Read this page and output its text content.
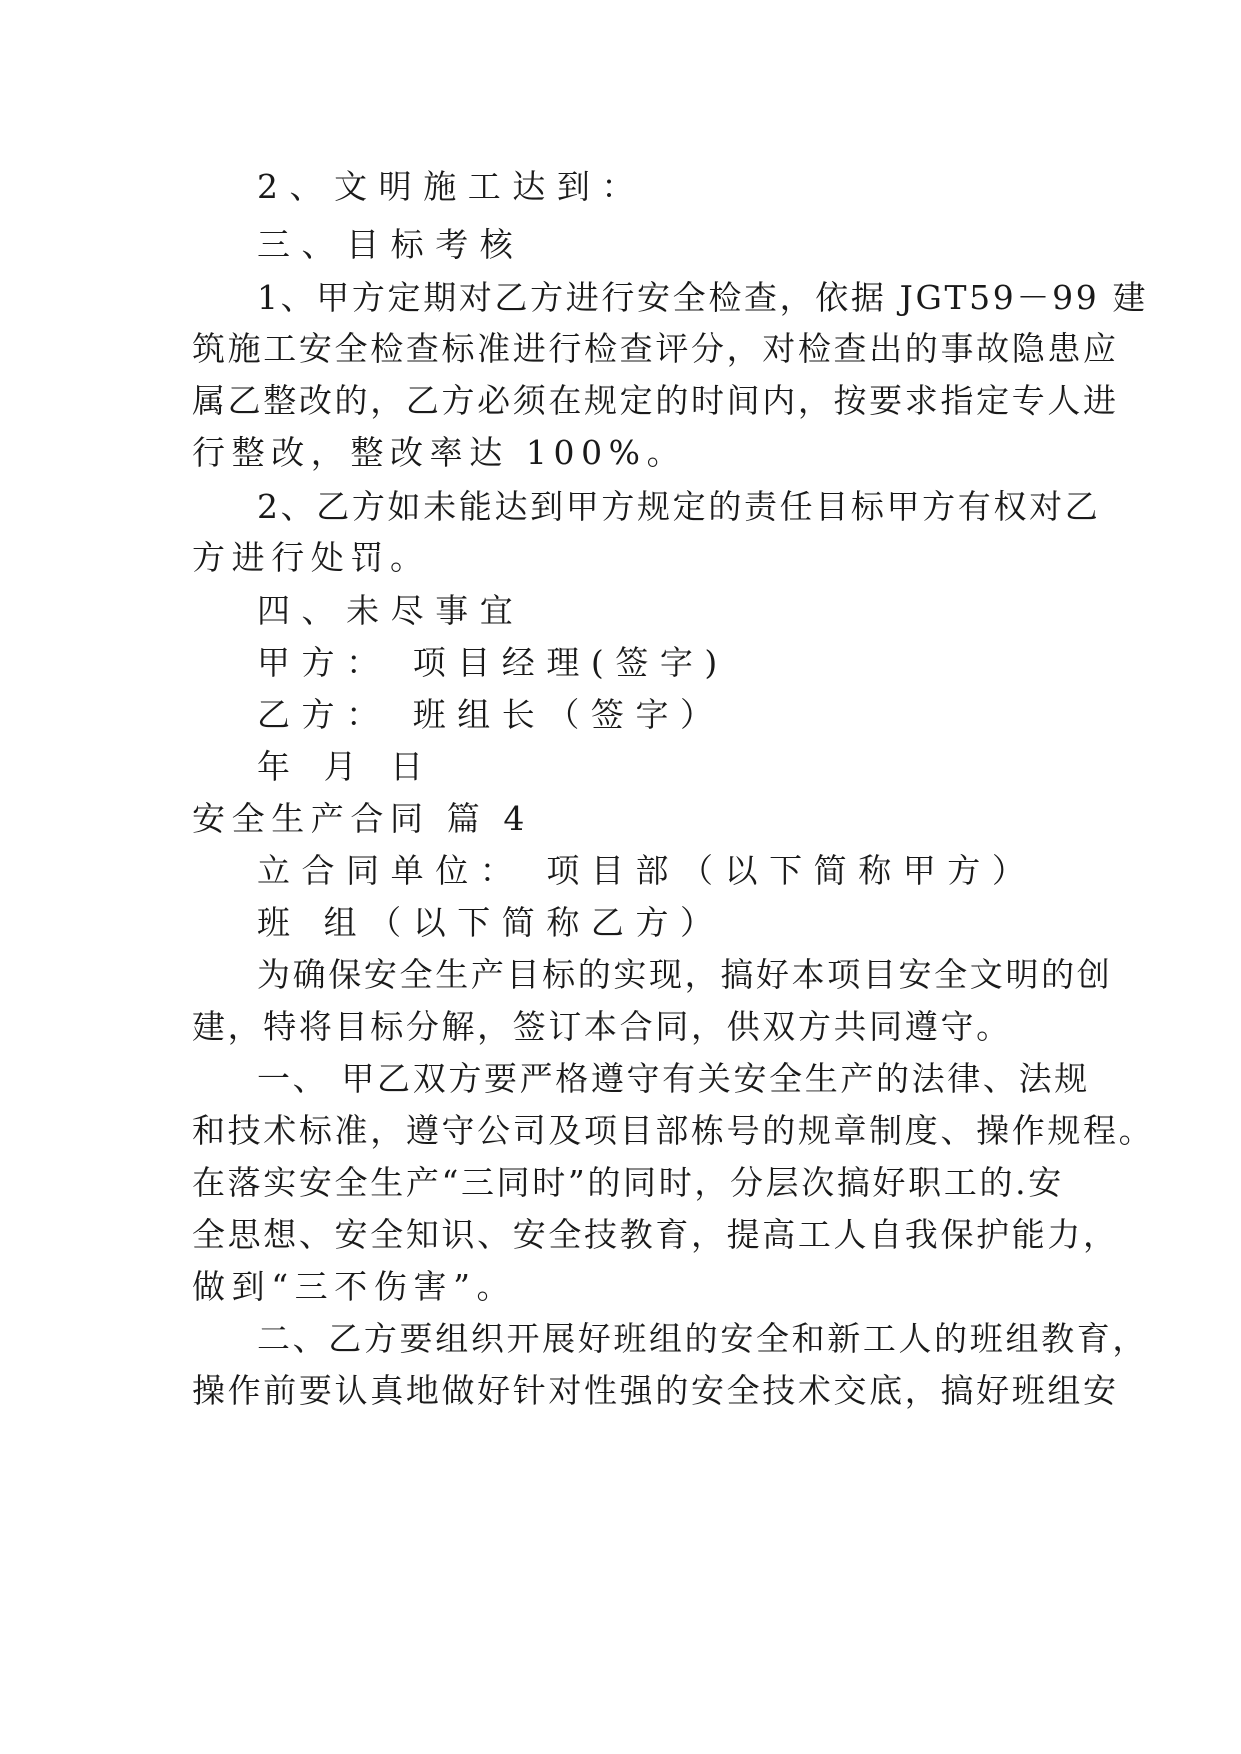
2、文明施工达到：
三、目标考核
1、甲方定期对乙方进行安全检查，依据 JGT59－99 建
筑施工安全检查标准进行检查评分，对检查出的事故隐患应
属乙整改的，乙方必须在规定的时间内，按要求指定专人进
行整改，整改率达 100%。
2、乙方如未能达到甲方规定的责任目标甲方有权对乙
方进行处罚。
四、未尽事宜
甲方： 项目经理(签字)
乙方： 班组长（签字）
年 月 日
安全生产合同 篇 4
立合同单位： 项目部（以下简称甲方）
班 组（以下简称乙方）
为确保安全生产目标的实现，搞好本项目安全文明的创
建，特将目标分解，签订本合同，供双方共同遵守。
一、 甲乙双方要严格遵守有关安全生产的法律、法规
和技术标准，遵守公司及项目部栋号的规章制度、操作规程。
在落实安全生产“三同时”的同时，分层次搞好职工的.安
全思想、安全知识、安全技教育，提高工人自我保护能力，
做到“三不伤害”。
二、乙方要组织开展好班组的安全和新工人的班组教育，
操作前要认真地做好针对性强的安全技术交底，搞好班组安
